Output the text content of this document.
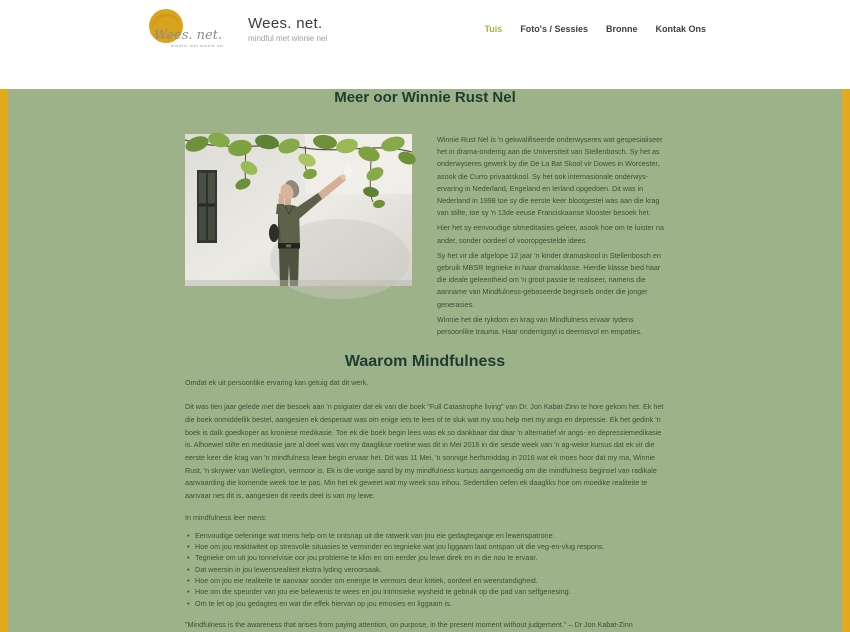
Wees. net.
mindful met winnie nel
Wees. net.
mindful met winnie nel
Tuis Foto's / Sessies Bronne Kontak Ons
Meer oor Winnie Rust Nel

Winnie Rust Nel is 'n gekwalifiseerde onderwyseres wat gespesialiseer het in drama-onderrig aan die Universiteit van Stellenbosch. Sy het as onderwyseres gewerk by die De La Bat Skool vir Dowes in Worcester, asook die Curro privaatskool. Sy het ook internasionale onderwys-ervaring in Nederland, Engeland en Ierland opgedoen. Dit was in Nederland in 1998 toe sy die eerste keer blootgestel was aan die krag van stilte, toe sy 'n 13de eeuse Franciskaanse klooster besoek het.

Hier het sy eenvoudige sitmeditasies geleer, asook hoe om te luister na ander, sonder oordeel of vooropgestelde idees.

Sy het vir die afgelope 12 jaar 'n kinder dramaskool in Stellenbosch en gebruik MBSR tegnieke in haar dramaklasse. Hierdie klasse bied haar die ideale geleentheid om 'n groot passie te realiseer, namens die aanname van Mindfulness-gebaseerde beginsels onder die jonger generasies.

Winnie het die rykdom en krag van Mindfulness ervaar tydens persoonlike trauma. Haar onderrigstyl is deernisvol en empaties.

Waarom Mindfulness

Omdat ek uit persoonlike ervaring kan getuig dat dit werk.

Dit was tien jaar gelede met die besoek aan 'n psigiater dat ek van die boek "Full Catastrophe living" van Dr. Jon Kabat-Zinn te hore gekom het. Ek het die boek onmiddellik bestel, aangesien ek desperaat was om enige iets te lees of te sluk wat my sou help met my angs en depressie. Ek het gedink 'n boek is dalk goedkoper as kroniese medikasie. Toe ek die boek begin lees was ek so dankbaar dat daar 'n alternatief vir angs- en depressiemedikasie is. Alhoewel stilte en meditasie jare al deel was van my daaglikse roetine was dit in Mei 2016 in die sesde week van 'n ag-weke kursus dat ek vir die eerste keer die krag van 'n mindfulness lewe begin ervaar het. Dit was 11 Mei, 'n sonnige herfsmiddag in 2016 wat ek moes hoor dat my ma, Winnie Rust, 'n skrywer van Wellington, vermoor is. Ek is die vorige aand by my mindfulness kursus aangemoedig om die mindfulness beginsel van radikale aanvaarding die komende week toe te pas. Min het ek geweet wat my week sou inhou. Sedertdien oefen ek daagliks hoe om moeilike realiteite te aanvaar nes dit is, aangesien dit reeds deel is van my lewe.

In mindfulness leer mens:

• Eenvoudige oefeninge wat mens help om te ontsnap uit die ratwerk van jou eie gedagtegange en lewenspatrone.
• Hoe om jou reaktiwiteit op stresvolle situasies te verminder en tegnieke wat jou liggaam laat ontspan uit die veg-en-vlug respons.
• Tegnieke om uit jou tonnelvisie oor jou probleme te klim en om eerder jou lewe direk en in die nou te ervaar.
• Dat weersin in jou lewensrealiteit ekstra lyding veroorsaak.
• Hoe om jou eie realiteite te aanvaar sonder om energie te vermors deur kritiek, oordeel en weerstandigheid.
• Hoe om die speurder van jou eie belewenis te wees en jou intrinsieke wysheid te gebruik op die pad van selfgenesing.
• Om te let op jou gedagtes en wat die effek hiervan op jou emosies en liggaam is.

"Mindfulness is the awareness that arises from paying attention, on purpose, in the present moment without judgement." – Dr Jon Kabat-Zinn
